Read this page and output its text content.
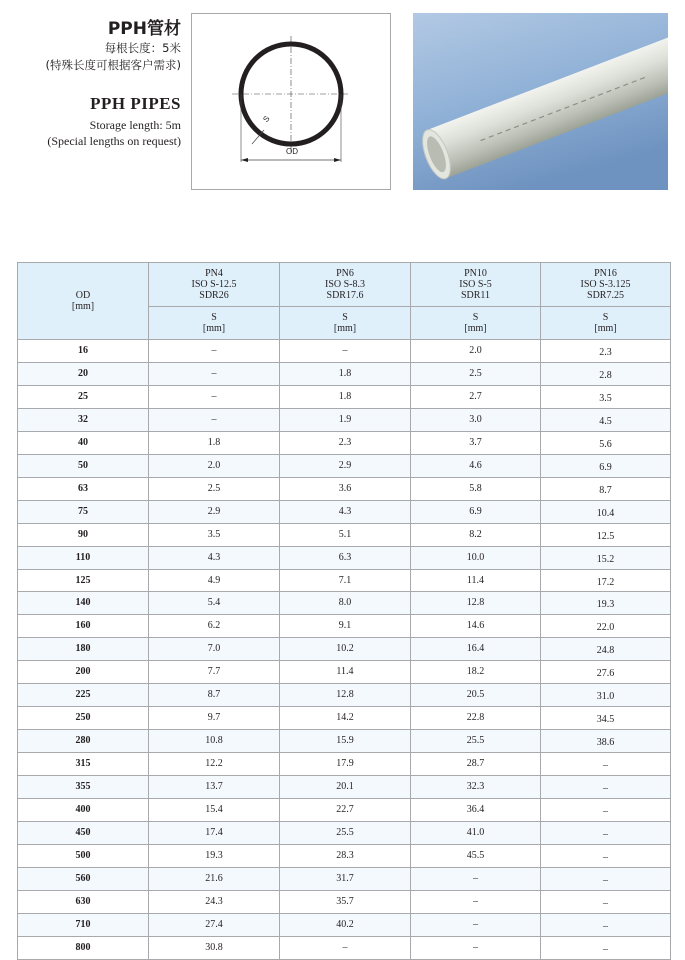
PPH管材
每根长度：5米
(特殊长度可根据客户需求)
PPH PIPES
Storage length: 5m
(Special lengths on request)
OD
S
OD
[mm]	PN4
ISO S-12.5
SDR26	PN6
ISO S-8.3
SDR17.6	PN10
ISO S-5
SDR11	PN16
ISO S-3.125
SDR7.25
	S
[mm]	S
[mm]	S
[mm]	S
[mm]
16	–	–	2.0	2.3
20	–	1.8	2.5	2.8
25	–	1.8	2.7	3.5
32	–	1.9	3.0	4.5
40	1.8	2.3	3.7	5.6
50	2.0	2.9	4.6	6.9
63	2.5	3.6	5.8	8.7
75	2.9	4.3	6.9	10.4
90	3.5	5.1	8.2	12.5
110	4.3	6.3	10.0	15.2
125	4.9	7.1	11.4	17.2
140	5.4	8.0	12.8	19.3
160	6.2	9.1	14.6	22.0
180	7.0	10.2	16.4	24.8
200	7.7	11.4	18.2	27.6
225	8.7	12.8	20.5	31.0
250	9.7	14.2	22.8	34.5
280	10.8	15.9	25.5	38.6
315	12.2	17.9	28.7	–
355	13.7	20.1	32.3	–
400	15.4	22.7	36.4	–
450	17.4	25.5	41.0	–
500	19.3	28.3	45.5	–
560	21.6	31.7	–	–
630	24.3	35.7	–	–
710	27.4	40.2	–	–
800	30.8	–	–	–
